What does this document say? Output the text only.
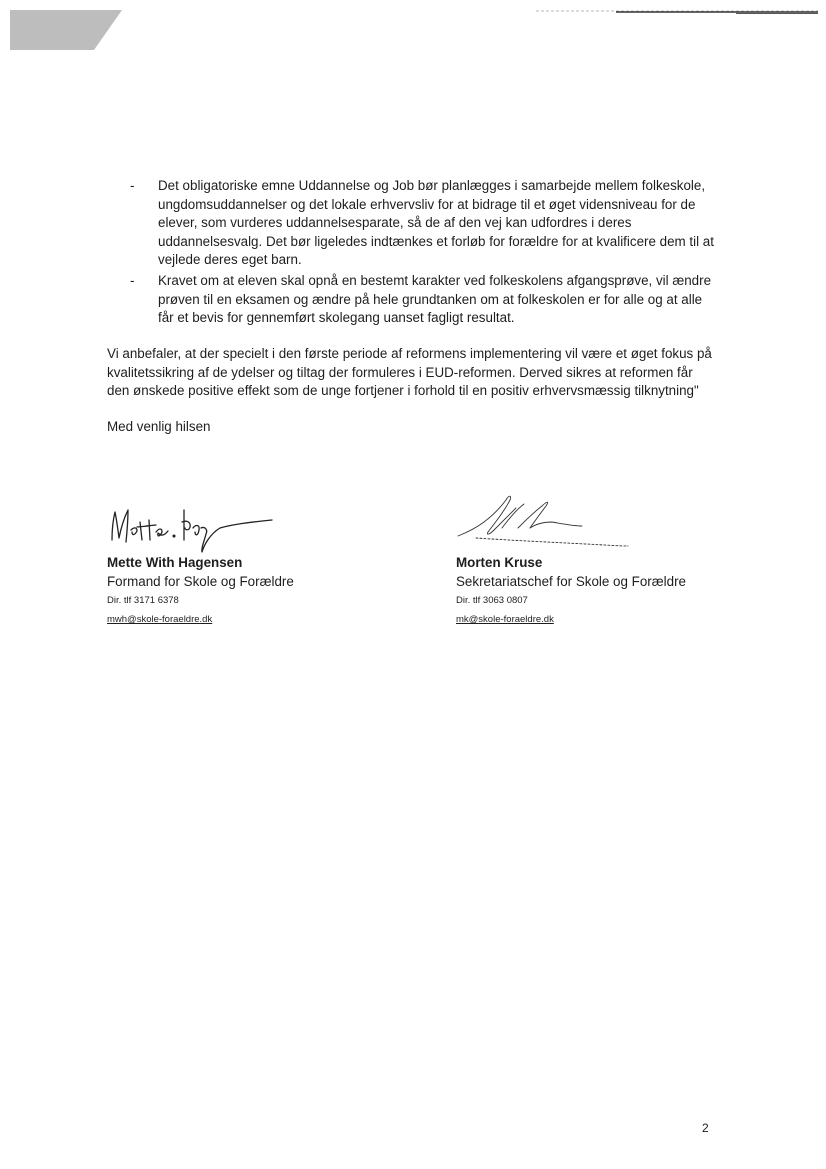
- Det obligatoriske emne Uddannelse og Job bør planlægges i samarbejde mellem folkeskole,
ungdomsuddannelser og det lokale erhvervsliv for at bidrage til et øget vidensniveau for de
elever, som vurderes uddannelsesparate, så de af den vej kan udfordres i deres
uddannelsesvalg. Det bør ligeledes indtænkes et forløb for forældre for at kvalificere dem til at
vejlede deres eget barn.
- Kravet om at eleven skal opnå en bestemt karakter ved folkeskolens afgangsprøve, vil ændre
prøven til en eksamen og ændre på hele grundtanken om at folkeskolen er for alle og at alle
får et bevis for gennemført skolegang uanset fagligt resultat.

Vi anbefaler, at der specielt i den første periode af reformens implementering vil være et øget fokus på
kvalitetssikring af de ydelser og tiltag der formuleres i EUD-reformen. Derved sikres at reformen får
den ønskede positive effekt som de unge fortjener i forhold til en positiv erhvervsmæssig tilknytning"

Med venlig hilsen

Mette With Hagensen
Formand for Skole og Forældre
Dir. tlf 3171 6378
mwh@skole-foraeldre.dk
Morten Kruse
Sekretariatschef for Skole og Forældre
Dir. tlf 3063 0807
mk@skole-foraeldre.dk
2
